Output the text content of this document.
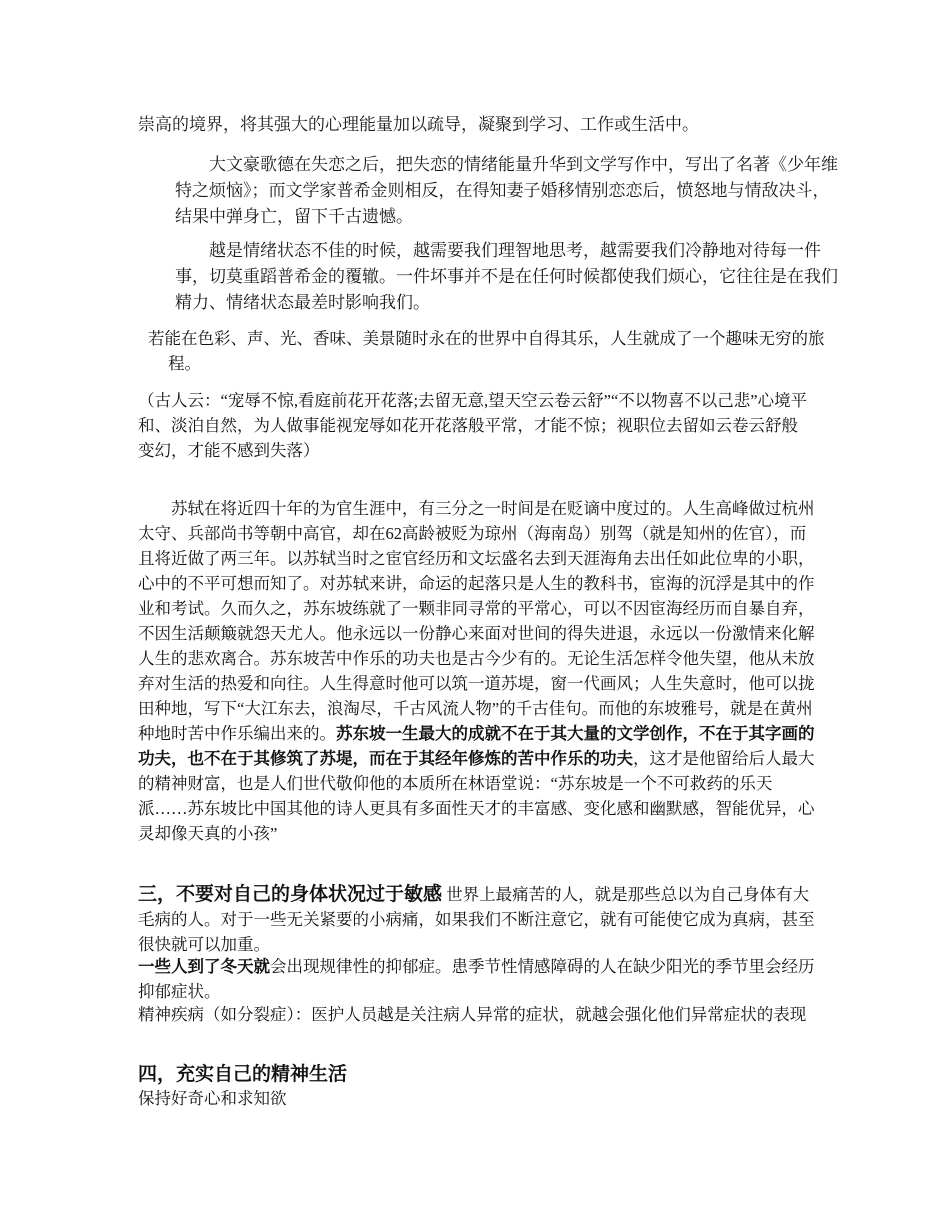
崇高的境界，将其强大的心理能量加以疏导，凝聚到学习、工作或生活中。

大文豪歌德在失恋之后，把失恋的情绪能量升华到文学写作中，写出了名著《少年维特之烦恼》；而文学家普希金则相反，在得知妻子婚移情别恋恋后，愤怒地与情敌决斗，结果中弹身亡，留下千古遗憾。

越是情绪状态不佳的时候，越需要我们理智地思考，越需要我们冷静地对待每一件事，切莫重蹈普希金的覆辙。一件坏事并不是在任何时候都使我们烦心，它往往是在我们精力、情绪状态最差时影响我们。

若能在色彩、声、光、香味、美景随时永在的世界中自得其乐，人生就成了一个趣味无穷的旅程。

（古人云：“宠辱不惊,看庭前花开花落;去留无意,望天空云卷云舒”“不以物喜不以己悲”心境平和、淡泊自然，为人做事能视宠辱如花开花落般平常，才能不惊；视职位去留如云卷云舒般变幻，才能不感到失落）

苏轼在将近四十年的为官生涯中，有三分之一时间是在贬谪中度过的。人生高峰做过杭州太守、兵部尚书等朝中高官，却在62高龄被贬为琼州（海南岛）别驾（就是知州的佐官），而且将近做了两三年。以苏轼当时之宦官经历和文坛盛名去到天涯海角去出任如此位卑的小职，心中的不平可想而知了。对苏轼来讲，命运的起落只是人生的教科书，宦海的沉浮是其中的作业和考试。久而久之，苏东坡练就了一颗非同寻常的平常心，可以不因宦海经历而自暴自弃，不因生活颠簸就怨天尤人。他永远以一份静心来面对世间的得失进退，永远以一份激情来化解人生的悲欢离合。苏东坡苦中作乐的功夫也是古今少有的。无论生活怎样令他失望，他从未放弃对生活的热爱和向往。人生得意时他可以筑一道苏堤，窗一代画风；人生失意时，他可以拢田种地，写下“大江东去，浪淘尽，千古风流人物”的千古佳句。而他的东坡雅号，就是在黄州种地时苦中作乐编出来的。苏东坡一生最大的成就不在于其大量的文学创作，不在于其字画的功夫，也不在于其修筑了苏堤，而在于其经年修炼的苦中作乐的功夫，这才是他留给后人最大的精神财富，也是人们世代敬仰他的本质所在林语堂说：“苏东坡是一个不可救药的乐天派……苏东坡比中国其他的诗人更具有多面性天才的丰富感、变化感和幽默感，智能优异，心灵却像天真的小孩”

三，不要对自己的身体状况过于敏感 世界上最痛苦的人，就是那些总以为自己身体有大毛病的人。对于一些无关紧要的小病痛，如果我们不断注意它，就有可能使它成为真病，甚至很快就可以加重。

一些人到了冬天就会出现规律性的抑郁症。患季节性情感障碍的人在缺少阳光的季节里会经历抑郁症状。

精神疾病（如分裂症）：医护人员越是关注病人异常的症状，就越会强化他们异常症状的表现

四，充实自己的精神生活

保持好奇心和求知欲
